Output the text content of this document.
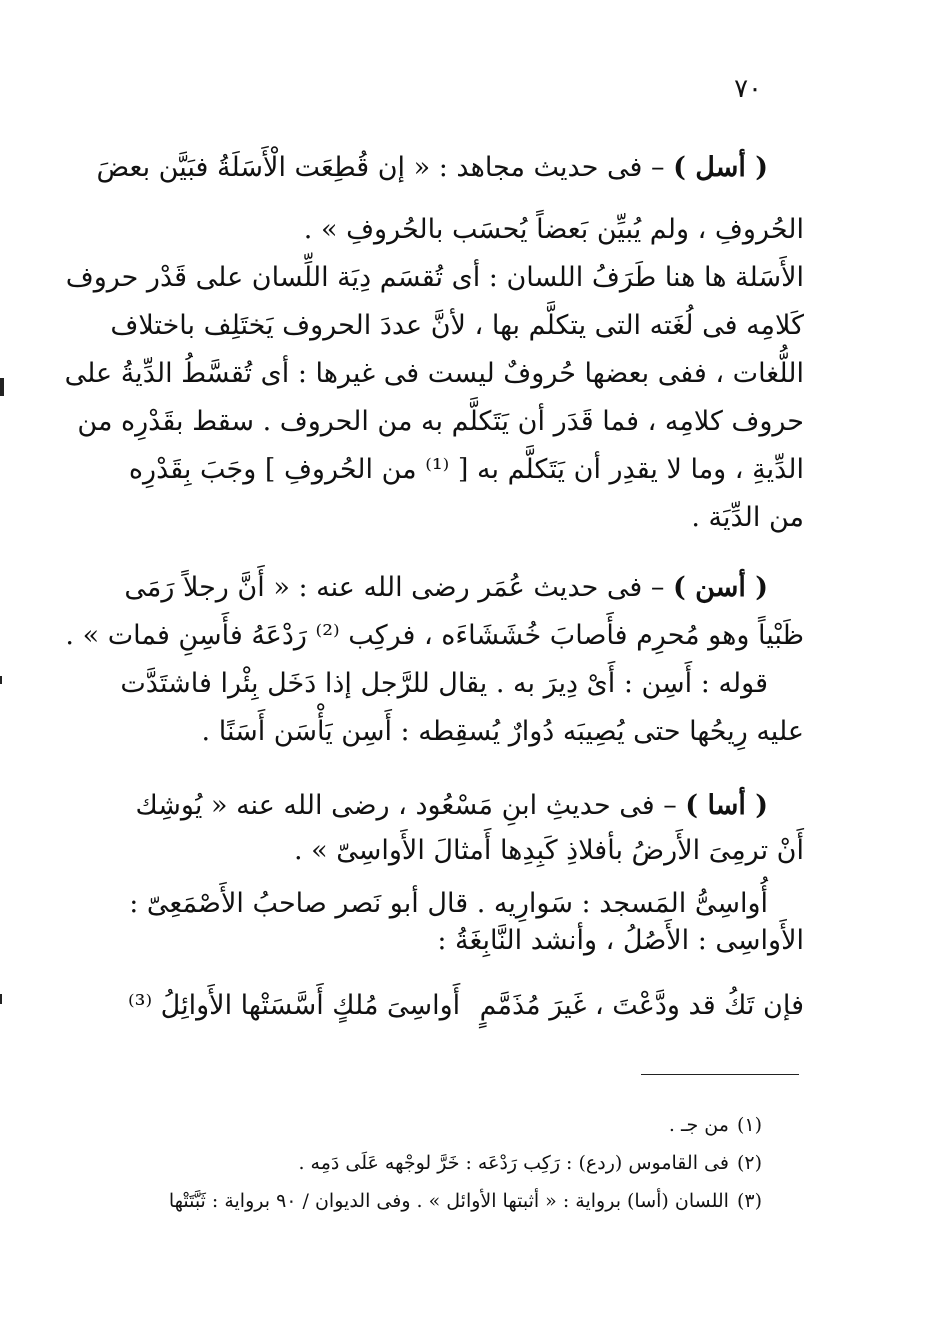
٧٠
( أسل ) – فى حديث مجاهد : « إن قُطِعَت الْأَسَلَةُ فبَيَّن بعضَ
الحُروفِ ، ولم يُبيِّن بَعضاً يُحسَب بالحُروفِ » .
الأَسَلة ها هنا طَرَفُ اللسان : أى تُقسَم دِيَة اللِّسان على قَدْر حروف
كَلامِه فى لُغَته التى يتكلَّم بها ، لأنَّ عددَ الحروف يَختَلِف باختلاف
اللُّغات ، ففى بعضها حُروفٌ ليست فى غيرها : أى تُقسَّطُ الدِّيةُ على
حروف كلامِه ، فما قَدَر أن يَتَكلَّم به من الحروف . سقط بقَدْرِه من
الدِّيةِ ، وما لا يقدِر أن يَتَكلَّم به [ ⁽¹⁾ من الحُروفِ ] وجَبَ بِقَدْرِه
من الدِّيَة .
( أسن ) – فى حديث عُمَر رضى الله عنه : « أَنَّ رجلاً رَمَى
ظَبْياً وهو مُحرِم فأَصابَ خُشَشَاءَه ، فركِب ⁽²⁾ رَدْعَهُ فأَسِنِ فمات » .
قوله : أَسِن : أَىْ دِيرَ به . يقال للرَّجل إذا دَخَل بِئْرا فاشتَدَّت
عليه رِيحُها حتى يُصِيبَه دُوارٌ يُسقِطه : أَسِن يَأْسَن أَسَنًا .
( أسا ) – فى حديثِ ابنِ مَسْعُود ، رضى الله عنه « يُوشِك
أَنْ ترمِىَ الأَرضُ بأفلاذِ كَبِدِها أَمثالَ الأَواسِىّ » .
أُواسِىُّ المَسجد : سَوارِيه . قال أبو نَصر صاحبُ الأَصْمَعِىّ :
الأَواسِى : الأَصُلُ ، وأنشد النَّابِغَةُ :
فإن تَكُ قد ودَّعْتَ ، غَيرَ مُذَمَّمٍ
أَواسِىَ مُلكٍ أَسَّسَتْها الأَوائِلُ ⁽³⁾
(١)من جـ .
(٢)فى القاموس (ردع) : رَكِب رَدْعَه : خَرَّ لوجْهه عَلَى دَمِه .
(٣)اللسان (أسا) برواية : « أثبتها الأوائل » . وفى الديوان / ٩٠ برواية : ثَبَّتَتْها
